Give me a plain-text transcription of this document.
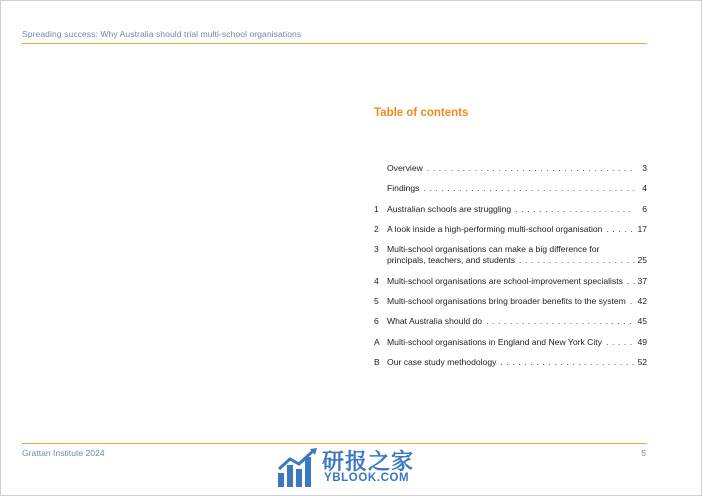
Spreading success: Why Australia should trial multi-school organisations
Table of contents
Overview . . .	3
Findings . . .	4
1 Australian schools are struggling . . .	6
2 A look inside a high-performing multi-school organisation . . .	17
3 Multi-school organisations can make a big difference for
principals, teachers, and students . . .	25
4 Multi-school organisations are school-improvement specialists . . . 37
5 Multi-school organisations bring broader benefits to the system . . . 42
6 What Australia should do . . .	45
A Multi-school organisations in England and New York City . . .	49
B Our case study methodology . . .	52
Grattan Institute 2024	5
研报之家
YBLOOK.COM
